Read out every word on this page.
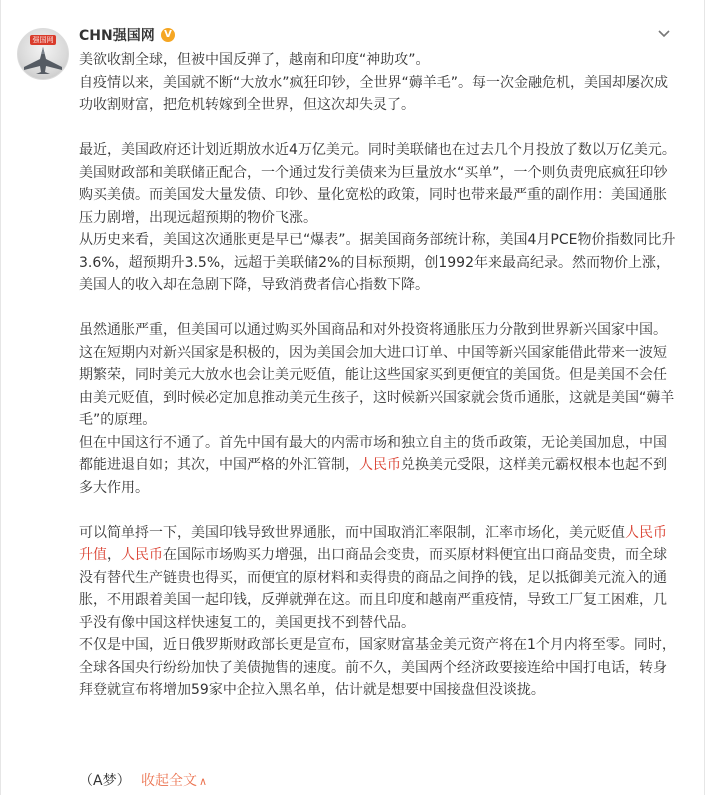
强国网 CHN强国网 V

美欲收割全球，但被中国反弹了，越南和印度“神助攻”。

自疫情以来，美国就不断“大放水”疯狂印钞，全世界“薅羊毛”。每一次金融危机，美国却屡次成功收割财富，把危机转嫁到全世界，但这次却失灵了。

最近，美国政府还计划近期放水近4万亿美元。同时美联储也在过去几个月投放了数以万亿美元。美国财政部和美联储正配合，一个通过发行美债来为巨量放水“买单”，一个则负责兜底疯狂印钞购买美债。而美国发大量发债、印钞、量化宽松的政策，同时也带来最严重的副作用：美国通胀压力剧增，出现远超预期的物价飞涨。

从历史来看，美国这次通胀更是早已“爆表”。据美国商务部统计称，美国4月PCE物价指数同比升3.6%，超预期升3.5%，远超于美联储2%的目标预期，创1992年来最高纪录。然而物价上涨，美国人的收入却在急剧下降，导致消费者信心指数下降。

虽然通胀严重，但美国可以通过购买外国商品和对外投资将通胀压力分散到世界新兴国家中国。这在短期内对新兴国家是积极的，因为美国会加大进口订单、中国等新兴国家能借此带来一波短期繁荣，同时美元大放水也会让美元贬值，能让这些国家买到更便宜的美国货。但是美国不会任由美元贬值，到时候必定加息推动美元生孩子，这时候新兴国家就会货币通胀，这就是美国“薅羊毛”的原理。

但在中国这行不通了。首先中国有最大的内需市场和独立自主的货币政策，无论美国加息，中国都能进退自如；其次，中国严格的外汇管制，人民币兑换美元受限，这样美元霸权根本也起不到多大作用。

可以简单捋一下，美国印钱导致世界通胀，而中国取消汇率限制，汇率市场化，美元贬值人民币升值，人民币在国际市场购买力增强，出口商品会变贵，而买原材料便宜出口商品变贵，而全球没有替代生产链贵也得买，而便宜的原材料和卖得贵的商品之间挣的钱，足以抵御美元流入的通胀，不用跟着美国一起印钱，反弹就弹在这。而且印度和越南严重疫情，导致工厂复工困难，几乎没有像中国这样快速复工的，美国更找不到替代品。

不仅是中国，近日俄罗斯财政部长更是宣布，国家财富基金美元资产将在1个月内将至零。同时，全球各国央行纷纷加快了美债抛售的速度。前不久，美国两个经济政要接连给中国打电话，转身拜登就宣布将增加59家中企拉入黑名单，估计就是想要中国接盘但没谈拢。

（A梦） 收起全文 ∧
